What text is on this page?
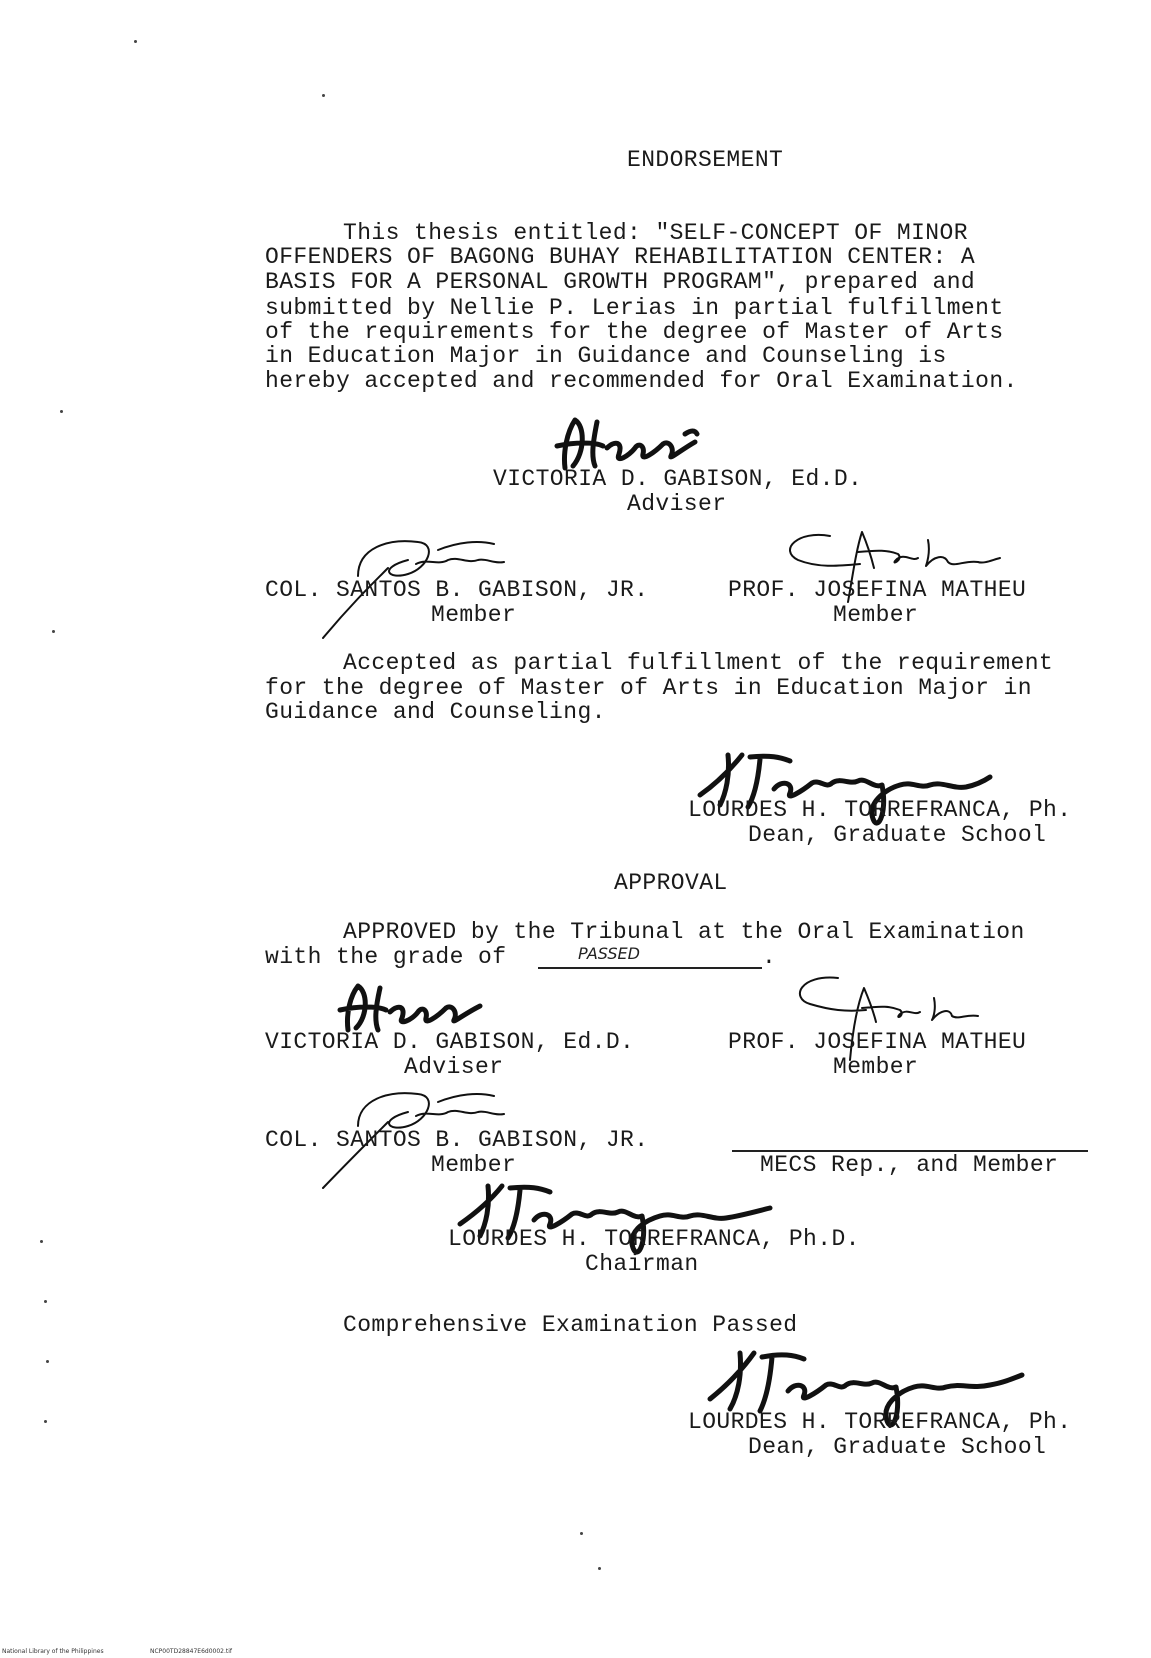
ENDORSEMENT
This thesis entitled: "SELF-CONCEPT OF MINOR
OFFENDERS OF BAGONG BUHAY REHABILITATION CENTER: A
BASIS FOR A PERSONAL GROWTH PROGRAM", prepared and
submitted by Nellie P. Lerias in partial fulfillment
of the requirements for the degree of Master of Arts
in Education Major in Guidance and Counseling is
hereby accepted and recommended for Oral Examination.
VICTORIA D. GABISON, Ed.D.
Adviser
COL. SANTOS B. GABISON, JR.
Member
PROF. JOSEFINA MATHEU
Member
Accepted as partial fulfillment of the requirement
for the degree of Master of Arts in Education Major in
Guidance and Counseling.
LOURDES H. TORREFRANCA, Ph.
Dean, Graduate School
APPROVAL
APPROVED by the Tribunal at the Oral Examination
with the grade of	PASSED	.
VICTORIA D. GABISON, Ed.D.
Adviser
PROF. JOSEFINA MATHEU
Member
COL. SANTOS B. GABISON, JR.
Member	MECS Rep., and Member
LOURDES H. TORREFRANCA, Ph.D.
Chairman
Comprehensive Examination Passed
LOURDES H. TORREFRANCA, Ph.
Dean, Graduate School
National Library of the Philippines	NCP00TD28847E6d0002.tif
